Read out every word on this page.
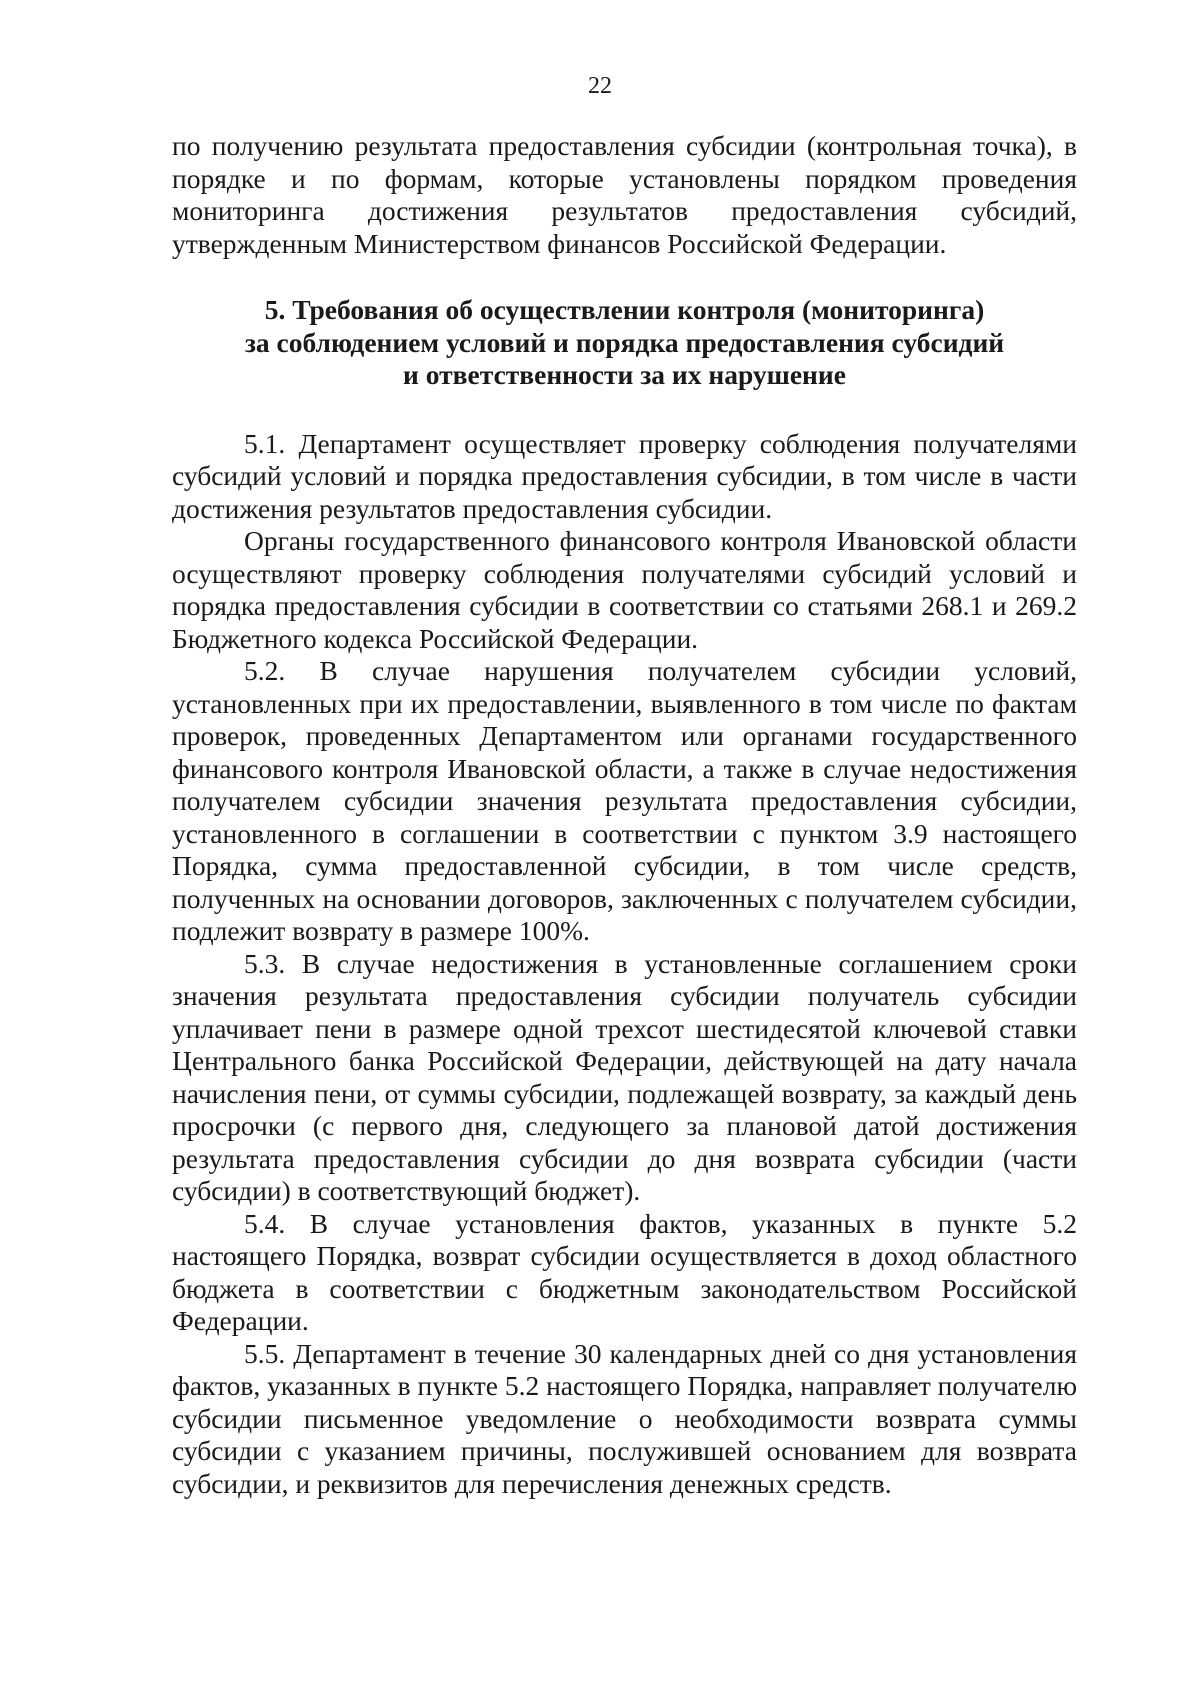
22

по получению результата предоставления субсидии (контрольная точка), в порядке и по формам, которые установлены порядком проведения мониторинга достижения результатов предоставления субсидий, утвержденным Министерством финансов Российской Федерации.

5. Требования об осуществлении контроля (мониторинга)
за соблюдением условий и порядка предоставления субсидий
и ответственности за их нарушение

5.1. Департамент осуществляет проверку соблюдения получателями субсидий условий и порядка предоставления субсидии, в том числе в части достижения результатов предоставления субсидии.

Органы государственного финансового контроля Ивановской области осуществляют проверку соблюдения получателями субсидий условий и порядка предоставления субсидии в соответствии со статьями 268.1 и 269.2 Бюджетного кодекса Российской Федерации.

5.2. В случае нарушения получателем субсидии условий, установленных при их предоставлении, выявленного в том числе по фактам проверок, проведенных Департаментом или органами государственного финансового контроля Ивановской области, а также в случае недостижения получателем субсидии значения результата предоставления субсидии, установленного в соглашении в соответствии с пунктом 3.9 настоящего Порядка, сумма предоставленной субсидии, в том числе средств, полученных на основании договоров, заключенных с получателем субсидии, подлежит возврату в размере 100%.

5.3. В случае недостижения в установленные соглашением сроки значения результата предоставления субсидии получатель субсидии уплачивает пени в размере одной трехсот шестидесятой ключевой ставки Центрального банка Российской Федерации, действующей на дату начала начисления пени, от суммы субсидии, подлежащей возврату, за каждый день просрочки (с первого дня, следующего за плановой датой достижения результата предоставления субсидии до дня возврата субсидии (части субсидии) в соответствующий бюджет).

5.4. В случае установления фактов, указанных в пункте 5.2 настоящего Порядка, возврат субсидии осуществляется в доход областного бюджета в соответствии с бюджетным законодательством Российской Федерации.

5.5. Департамент в течение 30 календарных дней со дня установления фактов, указанных в пункте 5.2 настоящего Порядка, направляет получателю субсидии письменное уведомление о необходимости возврата суммы субсидии с указанием причины, послужившей основанием для возврата субсидии, и реквизитов для перечисления денежных средств.
